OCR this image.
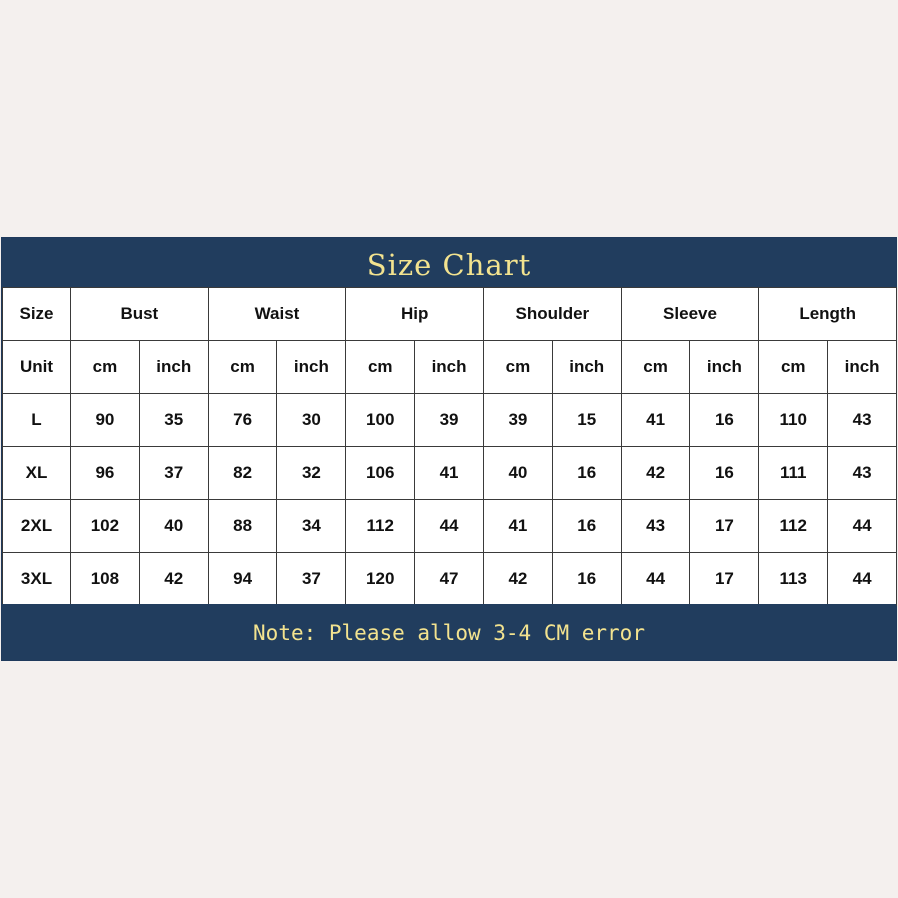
Size Chart
Size	Bust		Waist		Hip		Shoulder		Sleeve		Length	
Unit	cm	inch	cm	inch	cm	inch	cm	inch	cm	inch	cm	inch
L	90	35	76	30	100	39	39	15	41	16	110	43
XL	96	37	82	32	106	41	40	16	42	16	111	43
2XL	102	40	88	34	112	44	41	16	43	17	112	44
3XL	108	42	94	37	120	47	42	16	44	17	113	44
Note: Please allow 3-4 CM error
